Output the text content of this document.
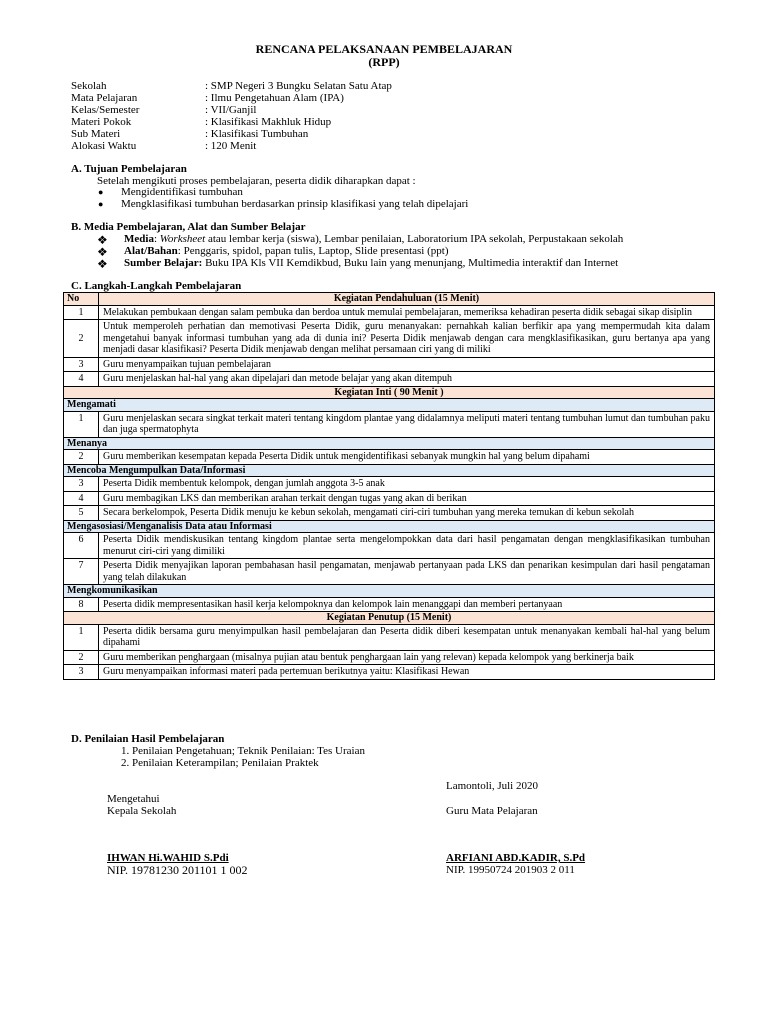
RENCANA PELAKSANAAN PEMBELAJARAN
(RPP)
Sekolah	: SMP Negeri 3 Bungku Selatan Satu Atap
Mata Pelajaran	: Ilmu Pengetahuan Alam (IPA)
Kelas/Semester	: VII/Ganjil
Materi Pokok	: Klasifikasi Makhluk Hidup
Sub Materi	: Klasifikasi Tumbuhan
Alokasi Waktu	: 120 Menit
A. Tujuan Pembelajaran
Setelah mengikuti proses pembelajaran, peserta didik diharapkan dapat :
● Mengidentifikasi tumbuhan
● Mengklasifikasi tumbuhan berdasarkan prinsip klasifikasi yang telah dipelajari
B. Media Pembelajaran, Alat dan Sumber Belajar
❖ Media: Worksheet atau lembar kerja (siswa), Lembar penilaian, Laboratorium IPA sekolah, Perpustakaan sekolah
❖ Alat/Bahan: Penggaris, spidol, papan tulis, Laptop, Slide presentasi (ppt)
❖ Sumber Belajar: Buku IPA Kls VII Kemdikbud, Buku lain yang menunjang, Multimedia interaktif dan Internet
C. Langkah-Langkah Pembelajaran
No	Kegiatan Pendahuluan (15 Menit)
1	Melakukan pembukaan dengan salam pembuka dan berdoa untuk memulai pembelajaran, memeriksa kehadiran peserta didik sebagai sikap disiplin
2	Untuk memperoleh perhatian dan memotivasi Peserta Didik, guru menanyakan: pernahkah kalian berfikir apa yang mempermudah kita dalam mengetahui banyak informasi tumbuhan yang ada di dunia ini? Peserta Didik menjawab dengan cara mengklasifikasikan, guru bertanya apa yang menjadi dasar klasifikasi? Peserta Didik menjawab dengan melihat persamaan ciri yang di miliki
3	Guru menyampaikan tujuan pembelajaran
4	Guru menjelaskan hal-hal yang akan dipelajari dan metode belajar yang akan ditempuh
Kegiatan Inti ( 90 Menit )	
Mengamati	
1	Guru menjelaskan secara singkat terkait materi tentang kingdom plantae yang didalamnya meliputi materi tentang tumbuhan lumut dan tumbuhan paku dan juga spermatophyta
Menanya	
2	Guru memberikan kesempatan kepada Peserta Didik untuk mengidentifikasi sebanyak mungkin hal yang belum dipahami
Mencoba Mengumpulkan Data/Informasi	
3	Peserta Didik membentuk kelompok, dengan jumlah anggota 3-5 anak
4	Guru membagikan LKS dan memberikan arahan terkait dengan tugas yang akan di berikan
5	Secara berkelompok, Peserta Didik menuju ke kebun sekolah, mengamati ciri-ciri tumbuhan yang mereka temukan di kebun sekolah
Mengasosiasi/Menganalisis Data atau Informasi	
6	Peserta Didik mendiskusikan tentang kingdom plantae serta mengelompokkan data dari hasil pengamatan dengan mengklasifikasikan tumbuhan menurut ciri-ciri yang dimiliki
7	Peserta Didik menyajikan laporan pembahasan hasil pengamatan, menjawab pertanyaan pada LKS dan penarikan kesimpulan dari hasil pengataman yang telah dilakukan
Mengkomunikasikan	
8	Peserta didik mempresentasikan hasil kerja kelompoknya dan kelompok lain menanggapi dan memberi pertanyaan
Kegiatan Penutup (15 Menit)	
1	Peserta didik bersama guru menyimpulkan hasil pembelajaran dan Peserta didik diberi kesempatan untuk menanyakan kembali hal-hal yang belum dipahami
2	Guru memberikan penghargaan (misalnya pujian atau bentuk penghargaan lain yang relevan) kepada kelompok yang berkinerja baik
3	Guru menyampaikan informasi materi pada pertemuan berikutnya yaitu: Klasifikasi Hewan
D. Penilaian Hasil Pembelajaran
1. Penilaian Pengetahuan; Teknik Penilaian: Tes Uraian
2. Penilaian Keterampilan; Penilaian Praktek
Lamontoli, Juli 2020
Mengetahui
Kepala Sekolah	Guru Mata Pelajaran
IHWAN Hi.WAHID S.Pdi
NIP. 19781230 201101 1 002
ARFIANI ABD.KADIR, S.Pd
NIP. 19950724 201903 2 011
